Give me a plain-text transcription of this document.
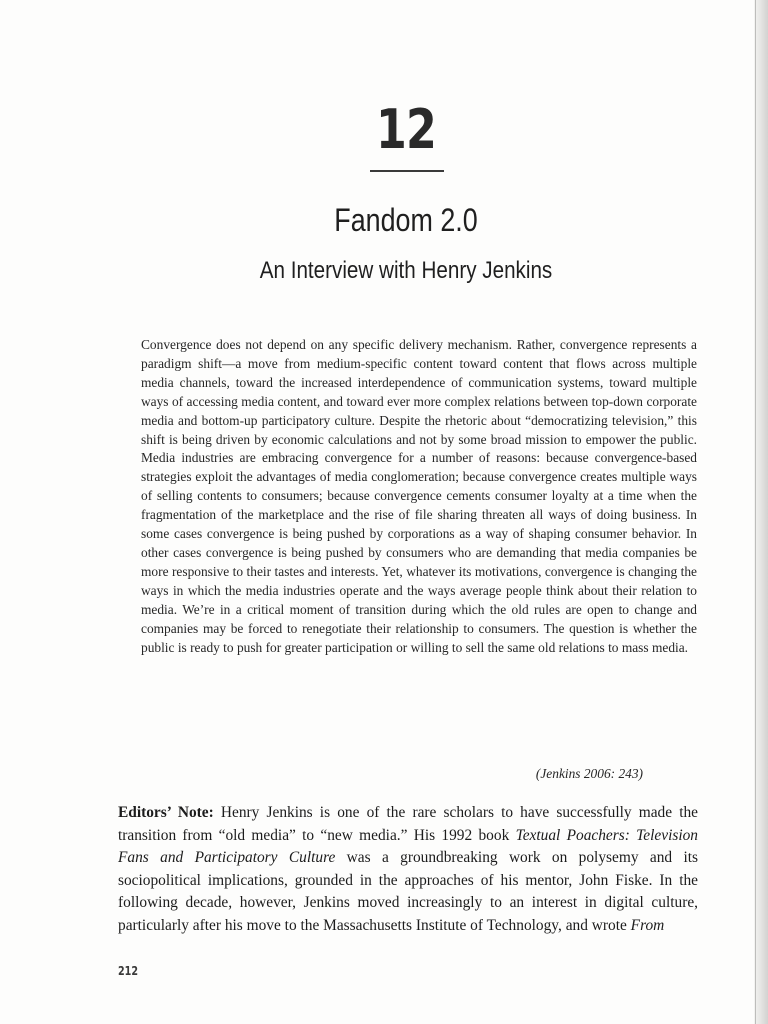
12
Fandom 2.0
An Interview with Henry Jenkins
Convergence does not depend on any specific delivery mechanism. Rather, convergence represents a paradigm shift—a move from medium-specific content toward content that flows across multiple media channels, toward the increased interdependence of communication systems, toward multiple ways of accessing media content, and toward ever more complex relations between top-down corporate media and bottom-up participatory culture. Despite the rhetoric about “democratizing television,” this shift is being driven by economic calculations and not by some broad mission to empower the public. Media industries are embracing convergence for a number of reasons: because convergence-based strategies exploit the advantages of media conglomeration; because convergence creates multiple ways of selling contents to consumers; because convergence cements consumer loyalty at a time when the fragmentation of the marketplace and the rise of file sharing threaten all ways of doing business. In some cases convergence is being pushed by corporations as a way of shaping consumer behavior. In other cases convergence is being pushed by consumers who are demanding that media companies be more responsive to their tastes and interests. Yet, whatever its motivations, convergence is changing the ways in which the media industries operate and the ways average people think about their relation to media. We’re in a critical moment of transition during which the old rules are open to change and companies may be forced to renegotiate their relationship to consumers. The question is whether the public is ready to push for greater participation or willing to sell the same old relations to mass media.
(Jenkins 2006: 243)
Editors’ Note: Henry Jenkins is one of the rare scholars to have successfully made the transition from “old media” to “new media.” His 1992 book Textual Poachers: Television Fans and Participatory Culture was a groundbreaking work on polysemy and its sociopolitical implications, grounded in the approaches of his mentor, John Fiske. In the following decade, however, Jenkins moved increasingly to an interest in digital culture, particularly after his move to the Massachusetts Institute of Technology, and wrote From
212
